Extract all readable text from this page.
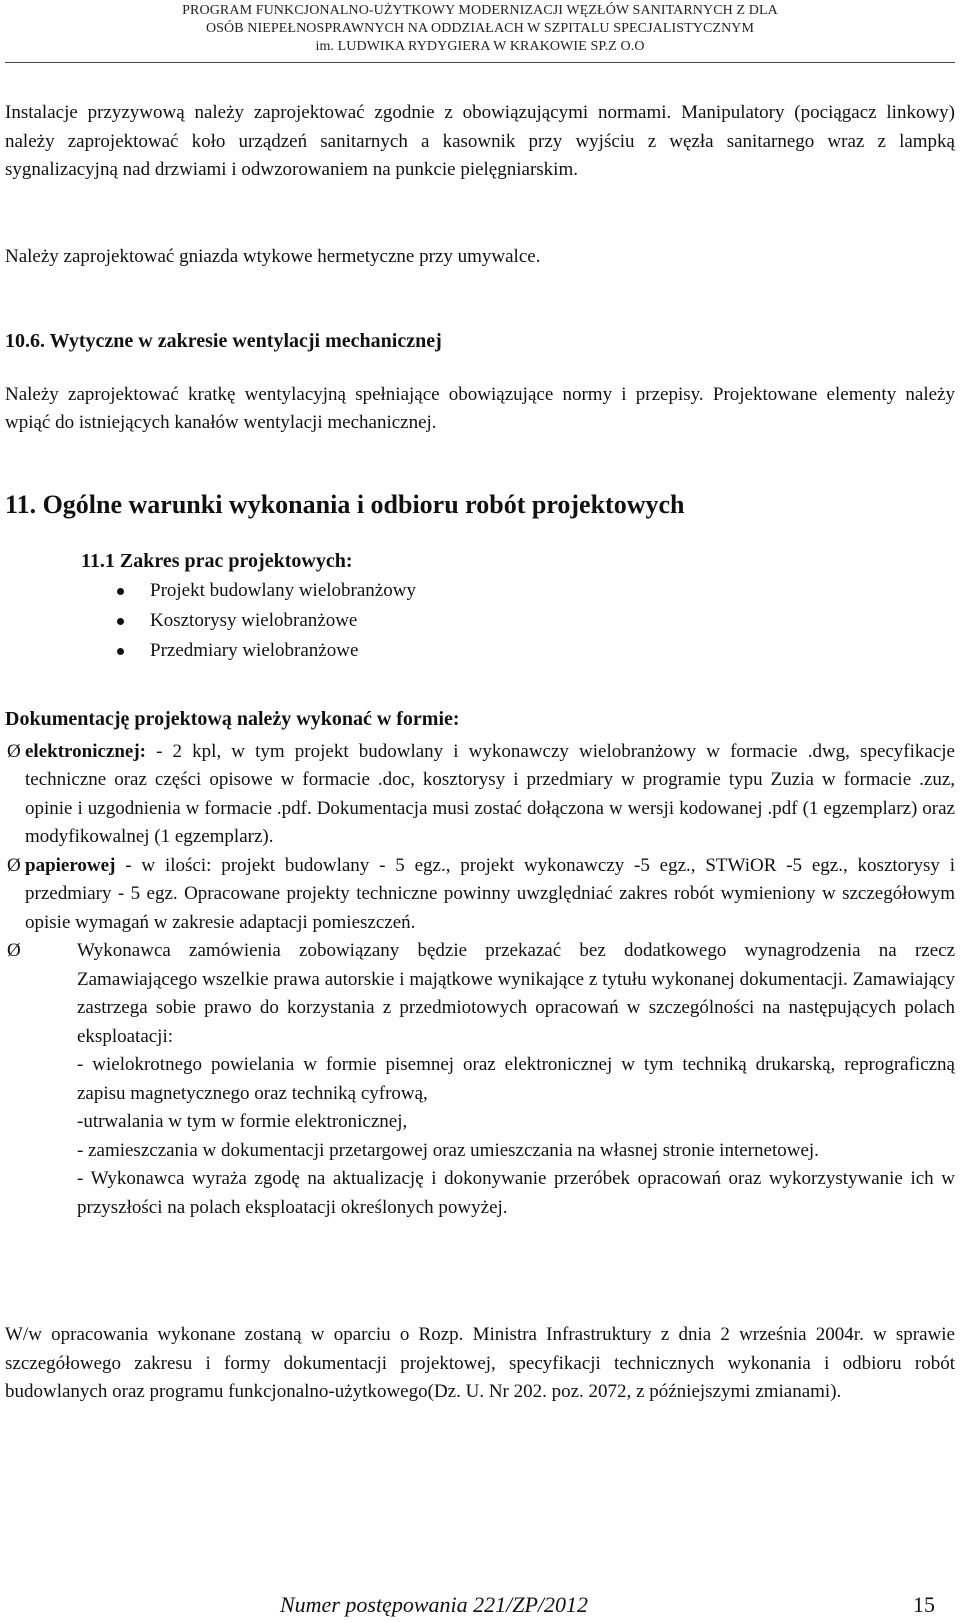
PROGRAM FUNKCJONALNO-UŻYTKOWY MODERNIZACJI WĘZŁÓW SANITARNYCH Z DLA
OSÓB NIEPEŁNOSPRAWNYCH NA ODDZIAŁACH W SZPITALU SPECJALISTYCZNYM
im. LUDWIKA RYDYGIERA W KRAKOWIE SP.Z O.O

Instalacje przyzywową należy zaprojektować zgodnie z obowiązującymi normami. Manipulatory (pociągacz linkowy) należy zaprojektować koło urządzeń sanitarnych a kasownik przy wyjściu z węzła sanitarnego wraz z lampką sygnalizacyjną nad drzwiami i odwzorowaniem na punkcie pielęgniarskim.

Należy zaprojektować gniazda wtykowe hermetyczne przy umywalce.

10.6. Wytyczne w zakresie wentylacji mechanicznej

Należy zaprojektować kratkę wentylacyjną spełniające obowiązujące normy i przepisy. Projektowane elementy należy wpiąć do istniejących kanałów wentylacji mechanicznej.

11. Ogólne warunki wykonania i odbioru robót projektowych
11.1 Zakres prac projektowych:
Projekt budowlany wielobranżowy
Kosztorysy wielobranżowe
Przedmiary wielobranżowe
Dokumentację projektową należy wykonać w formie:
Ø elektronicznej: - 2 kpl, w tym projekt budowlany i wykonawczy wielobranżowy w formacie .dwg, specyfikacje techniczne oraz części opisowe w formacie .doc, kosztorysy i przedmiary w programie typu Zuzia w formacie .zuz, opinie i uzgodnienia w formacie .pdf. Dokumentacja musi zostać dołączona w wersji kodowanej .pdf (1 egzemplarz) oraz modyfikowalnej (1 egzemplarz).

Ø papierowej - w ilości: projekt budowlany - 5 egz., projekt wykonawczy -5 egz., STWiOR -5 egz., kosztorysy i przedmiary - 5 egz. Opracowane projekty techniczne powinny uwzględniać zakres robót wymieniony w szczegółowym opisie wymagań w zakresie adaptacji pomieszczeń.

Ø	Wykonawca zamówienia zobowiązany będzie przekazać bez dodatkowego wynagrodzenia na rzecz Zamawiającego wszelkie prawa autorskie i majątkowe wynikające z tytułu wykonanej dokumentacji. Zamawiający zastrzega sobie prawo do korzystania z przedmiotowych opracowań w szczególności na następujących polach eksploatacji:

- wielokrotnego powielania w formie pisemnej oraz elektronicznej w tym techniką drukarską, reprograficzną zapisu magnetycznego oraz techniką cyfrową,

-utrwalania w tym w formie elektronicznej,

- zamieszczania w dokumentacji przetargowej oraz umieszczania na własnej stronie internetowej.

- Wykonawca wyraża zgodę na aktualizację i dokonywanie przeróbek opracowań oraz wykorzystywanie ich w przyszłości na polach eksploatacji określonych powyżej.

W/w opracowania wykonane zostaną w oparciu o Rozp. Ministra Infrastruktury z dnia 2 września 2004r. w sprawie szczegółowego zakresu i formy dokumentacji projektowej, specyfikacji technicznych wykonania i odbioru robót budowlanych oraz programu funkcjonalno-użytkowego(Dz. U. Nr 202. poz. 2072, z późniejszymi zmianami).

Numer postępowania 221/ZP/2012	15
